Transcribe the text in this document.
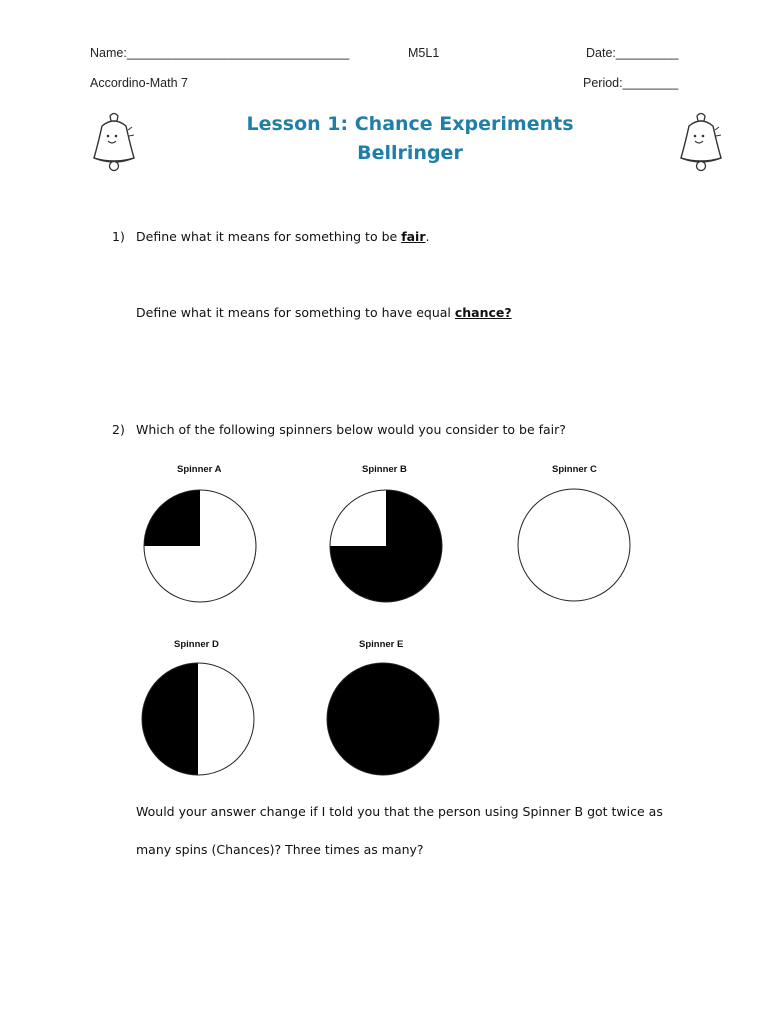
Name:________________________________	M5L1	Date:_________
Accordino-Math 7	Period:________
Lesson 1: Chance Experiments
Bellringer
1) Define what it means for something to be fair.
Define what it means for something to have equal chance?
2) Which of the following spinners below would you consider to be fair?
Spinner A	Spinner B	Spinner C
Spinner D	Spinner E
Would your answer change if I told you that the person using Spinner B got twice as
many spins (Chances)? Three times as many?
